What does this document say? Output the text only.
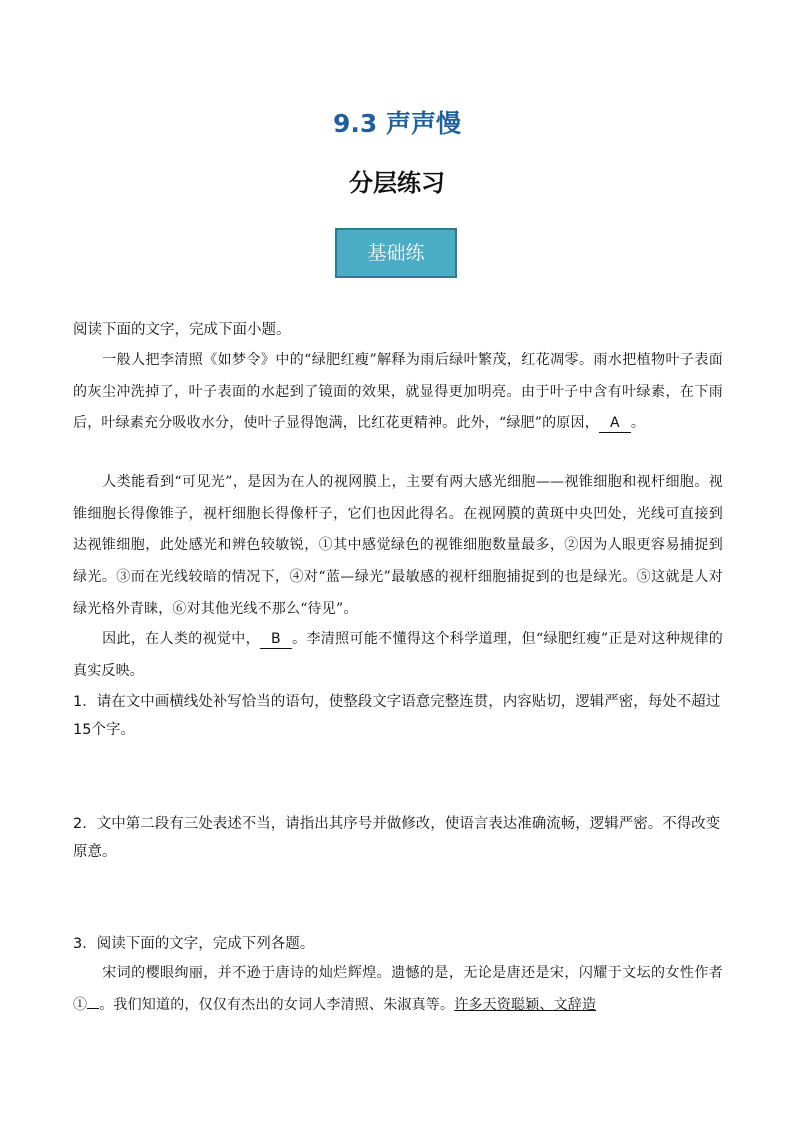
9.3 声声慢
分层练习
基础练
阅读下面的文字，完成下面小题。
一般人把李清照《如梦令》中的“绿肥红瘦”解释为雨后绿叶繁茂，红花凋零。雨水把植物叶子表面的灰尘冲洗掉了，叶子表面的水起到了镜面的效果，就显得更加明亮。由于叶子中含有叶绿素，在下雨后，叶绿素充分吸收水分，使叶子显得饱满，比红花更精神。此外，“绿肥”的原因， A 。
人类能看到“可见光”，是因为在人的视网膜上，主要有两大感光细胞——视锥细胞和视杆细胞。视锥细胞长得像锥子，视杆细胞长得像杆子，它们也因此得名。在视网膜的黄斑中央凹处，光线可直接到达视锥细胞，此处感光和辨色较敏锐，①其中感觉绿色的视锥细胞数量最多，②因为人眼更容易捕捉到绿光。③而在光线较暗的情况下，④对“蓝—绿光”最敏感的视杆细胞捕捉到的也是绿光。⑤这就是人对绿光格外青睐，⑥对其他光线不那么“待见”。
因此，在人类的视觉中， B 。李清照可能不懂得这个科学道理，但“绿肥红瘦”正是对这种规律的真实反映。
1．请在文中画横线处补写恰当的语句，使整段文字语意完整连贯，内容贴切，逻辑严密，每处不超过15个字。
2．文中第二段有三处表述不当，请指出其序号并做修改，使语言表达准确流畅，逻辑严密。不得改变原意。
3．阅读下面的文字，完成下列各题。
宋词的樱眼绚丽，并不逊于唐诗的灿烂辉煌。遗憾的是，无论是唐还是宋，闪耀于文坛的女性作者① 。我们知道的，仅仅有杰出的女词人李清照、朱淑真等。许多天资聪颖、文辞造
